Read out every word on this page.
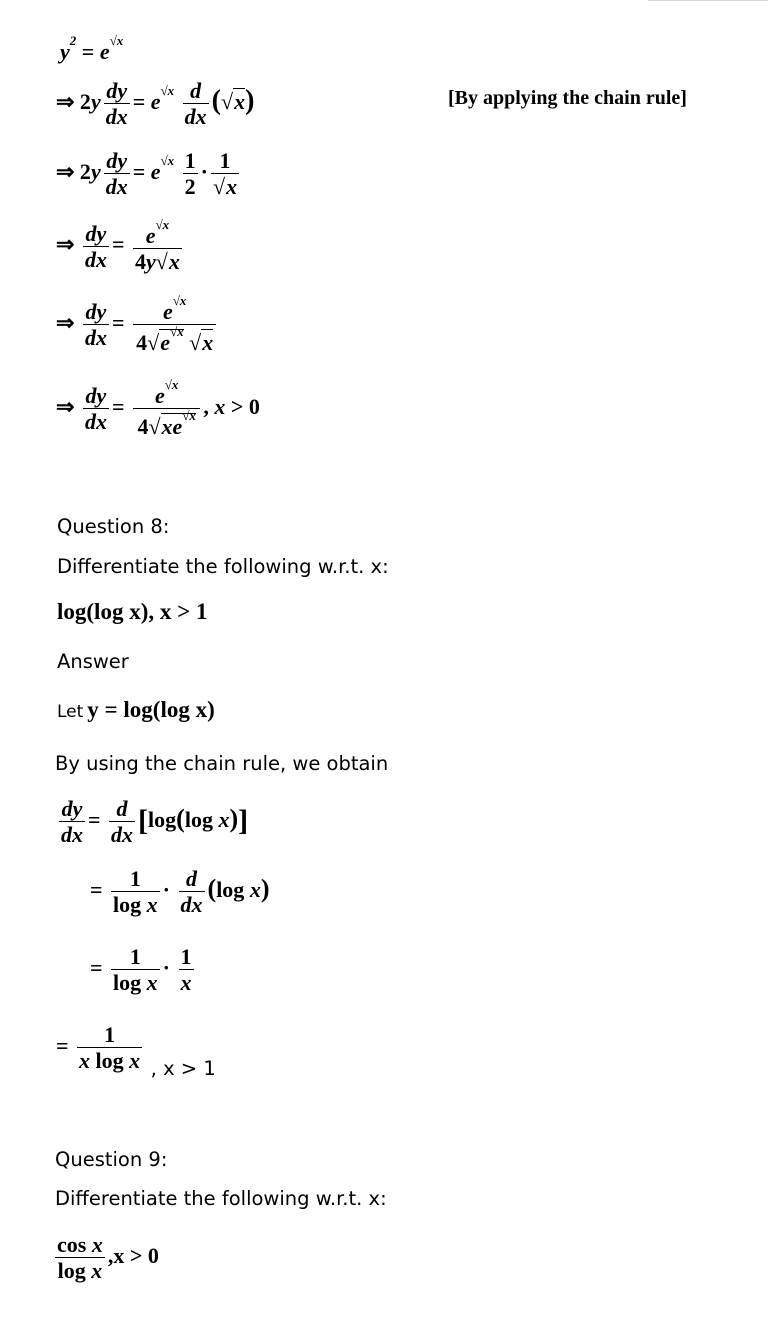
$y^2 = e^{√x}$
⇒ $2y \frac{dy}{dx} = e^{√x} \frac{d}{dx} (√x)$	[By applying the chain rule]
⇒ $2y \frac{dy}{dx} = e^{√x} \frac{1}{2} \cdot \frac{1}{√x}$
⇒ $\frac{dy}{dx} = \frac{e^{√x}}{4y√x}$
⇒ $\frac{dy}{dx} = \frac{e^{√x}}{4√e^{√x} √x}$
⇒ $\frac{dy}{dx} = \frac{e^{√x}}{4√xe^{√x}}$ , x > 0
Question 8:
Differentiate the following w.r.t. x:
log(log x), x > 1
Answer
Let y = log(log x)
By using the chain rule, we obtain
$\frac{dy}{dx} = \frac{d}{dx} [\log(\log$ x)]
= $\frac{1}{\text{log x}} \cdot \frac{d}{dx} (\log$ x)
= $\frac{1}{\text{log x}} \cdot \frac{1}{x}$
= $\frac{1}{\text{x log x}}$ , x > 1
Question 9:
Differentiate the following w.r.t. x:
$\frac{\text{cos x}}{\text{log x}} ,x > 0$
